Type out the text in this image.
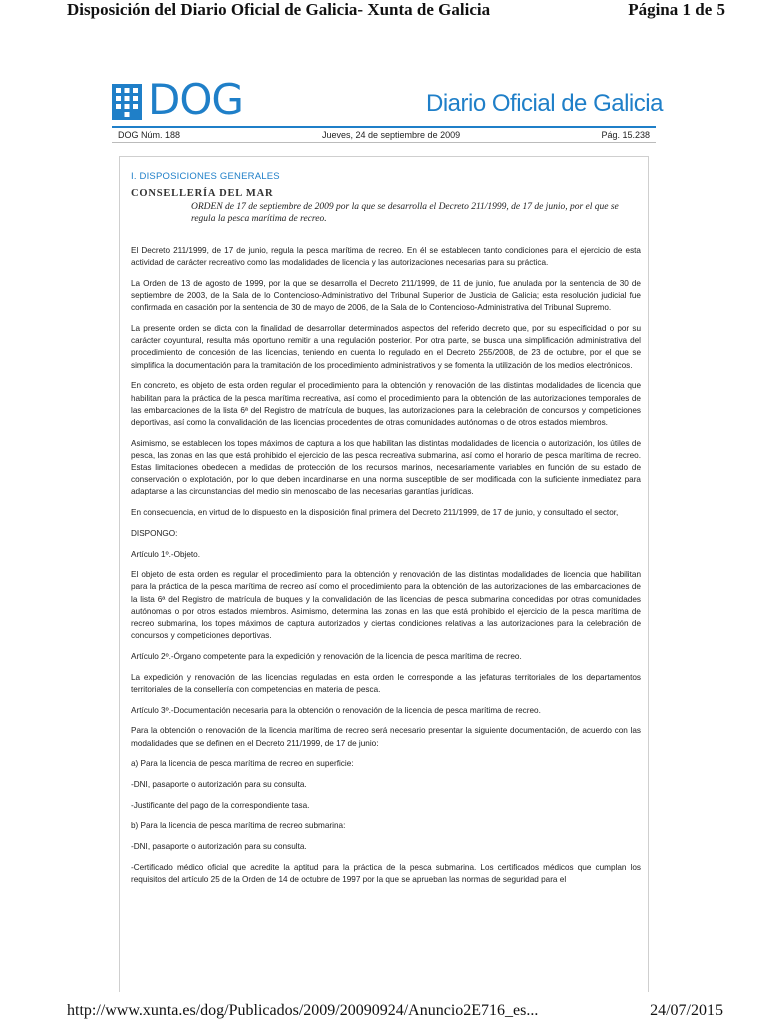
Disposición del Diario Oficial de Galicia- Xunta de Galicia	Página 1 de 5
DOG	Diario Oficial de Galicia
DOG Núm. 188	Jueves, 24 de septiembre de 2009	Pág. 15.238
I. DISPOSICIONES GENERALES
CONSELLERÍA DEL MAR
ORDEN de 17 de septiembre de 2009 por la que se desarrolla el Decreto 211/1999, de 17 de junio, por el que se regula la pesca marítima de recreo.

El Decreto 211/1999, de 17 de junio, regula la pesca marítima de recreo. En él se establecen tanto condiciones para el ejercicio de esta actividad de carácter recreativo como las modalidades de licencia y las autorizaciones necesarias para su práctica.

La Orden de 13 de agosto de 1999, por la que se desarrolla el Decreto 211/1999, de 11 de junio, fue anulada por la sentencia de 30 de septiembre de 2003, de la Sala de lo Contencioso-Administrativo del Tribunal Superior de Justicia de Galicia; esta resolución judicial fue confirmada en casación por la sentencia de 30 de mayo de 2006, de la Sala de lo Contencioso-Administrativa del Tribunal Supremo.

La presente orden se dicta con la finalidad de desarrollar determinados aspectos del referido decreto que, por su especificidad o por su carácter coyuntural, resulta más oportuno remitir a una regulación posterior. Por otra parte, se busca una simplificación administrativa del procedimiento de concesión de las licencias, teniendo en cuenta lo regulado en el Decreto 255/2008, de 23 de octubre, por el que se simplifica la documentación para la tramitación de los procedimiento administrativos y se fomenta la utilización de los medios electrónicos.

En concreto, es objeto de esta orden regular el procedimiento para la obtención y renovación de las distintas modalidades de licencia que habilitan para la práctica de la pesca marítima recreativa, así como el procedimiento para la obtención de las autorizaciones temporales de las embarcaciones de la lista 6ª del Registro de matrícula de buques, las autorizaciones para la celebración de concursos y competiciones deportivas, así como la convalidación de las licencias procedentes de otras comunidades autónomas o de otros estados miembros.

Asimismo, se establecen los topes máximos de captura a los que habilitan las distintas modalidades de licencia o autorización, los útiles de pesca, las zonas en las que está prohibido el ejercicio de las pesca recreativa submarina, así como el horario de pesca marítima de recreo. Estas limitaciones obedecen a medidas de protección de los recursos marinos, necesariamente variables en función de su estado de conservación o explotación, por lo que deben incardinarse en una norma susceptible de ser modificada con la suficiente inmediatez para adaptarse a las circunstancias del medio sin menoscabo de las necesarias garantías jurídicas.

En consecuencia, en virtud de lo dispuesto en la disposición final primera del Decreto 211/1999, de 17 de junio, y consultado el sector,

DISPONGO:

Artículo 1º.-Objeto.

El objeto de esta orden es regular el procedimiento para la obtención y renovación de las distintas modalidades de licencia que habilitan para la práctica de la pesca marítima de recreo así como el procedimiento para la obtención de las autorizaciones de las embarcaciones de la lista 6ª del Registro de matrícula de buques y la convalidación de las licencias de pesca submarina concedidas por otras comunidades autónomas o por otros estados miembros. Asimismo, determina las zonas en las que está prohibido el ejercicio de la pesca marítima de recreo submarina, los topes máximos de captura autorizados y ciertas condiciones relativas a las autorizaciones para la celebración de concursos y competiciones deportivas.

Artículo 2º.-Órgano competente para la expedición y renovación de la licencia de pesca marítima de recreo.

La expedición y renovación de las licencias reguladas en esta orden le corresponde a las jefaturas territoriales de los departamentos territoriales de la consellería con competencias en materia de pesca.

Artículo 3º.-Documentación necesaria para la obtención o renovación de la licencia de pesca marítima de recreo.

Para la obtención o renovación de la licencia marítima de recreo será necesario presentar la siguiente documentación, de acuerdo con las modalidades que se definen en el Decreto 211/1999, de 17 de junio:

a) Para la licencia de pesca marítima de recreo en superficie:

-DNI, pasaporte o autorización para su consulta.

-Justificante del pago de la correspondiente tasa.

b) Para la licencia de pesca marítima de recreo submarina:

-DNI, pasaporte o autorización para su consulta.

-Certificado médico oficial que acredite la aptitud para la práctica de la pesca submarina. Los certificados médicos que cumplan los requisitos del artículo 25 de la Orden de 14 de octubre de 1997 por la que se aprueban las normas de seguridad para el

http://www.xunta.es/dog/Publicados/2009/20090924/Anuncio2E716_es...	24/07/2015
